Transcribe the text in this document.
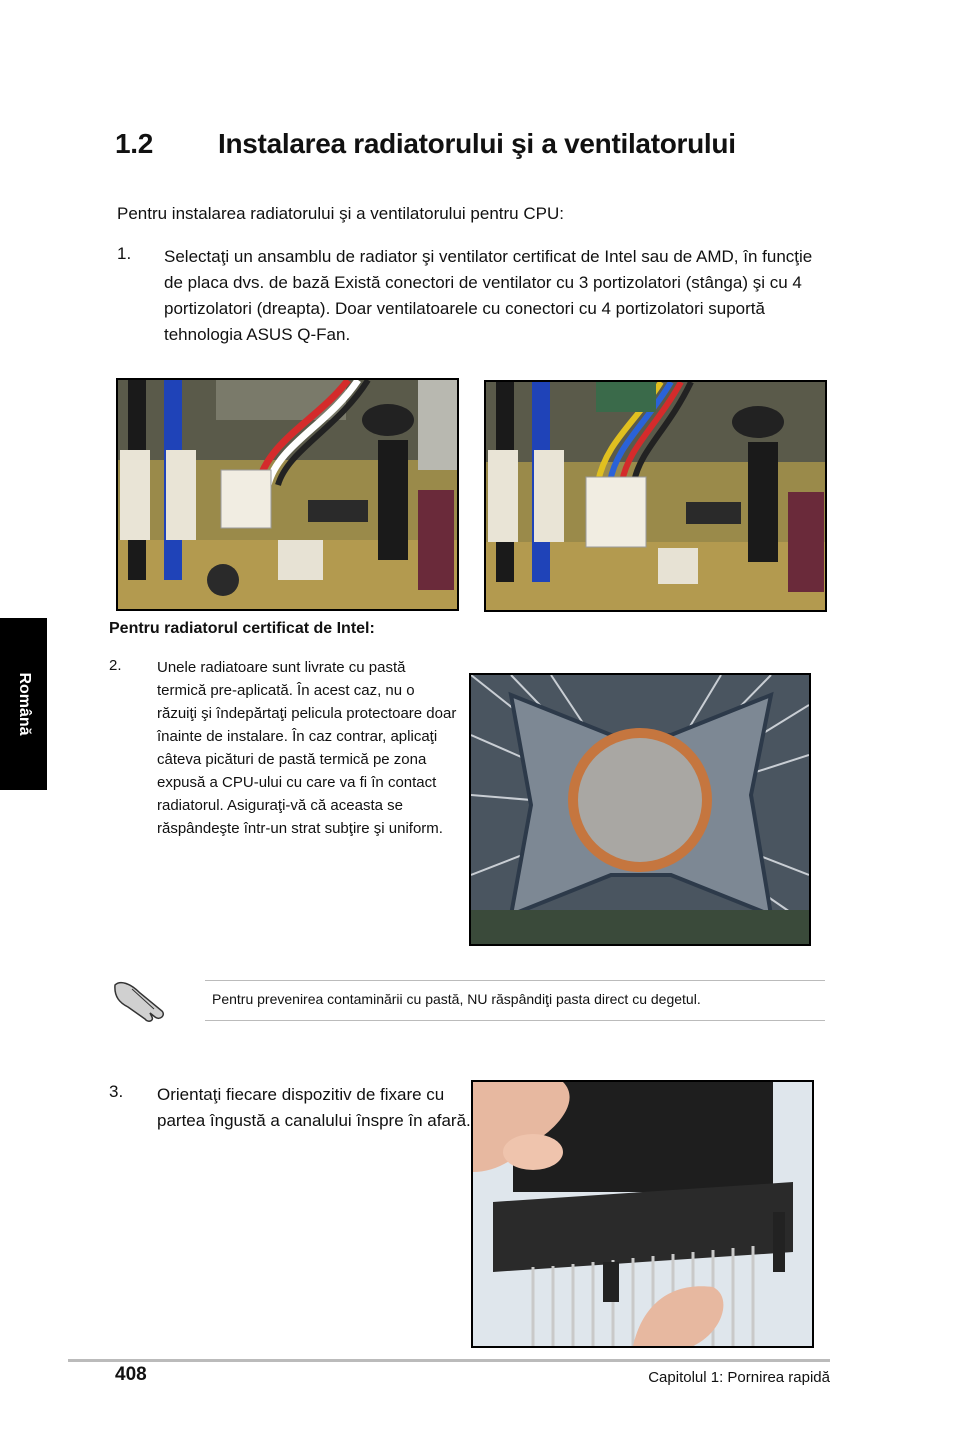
1.2 Instalarea radiatorului şi a ventilatorului
Pentru instalarea radiatorului şi a ventilatorului pentru CPU:
1. Selectaţi un ansamblu de radiator şi ventilator certificat de Intel sau de AMD, în funcţie de placa dvs. de bază Există conectori de ventilator cu 3 portizolatori (stânga) şi cu 4 portizolatori (dreapta). Doar ventilatoarele cu conectori cu 4 portizolatori suportă tehnologia ASUS Q-Fan.
Română
Pentru radiatorul certificat de Intel:
2. Unele radiatoare sunt livrate cu pastă termică pre-aplicată. În acest caz, nu o răzuiţi şi îndepărtaţi pelicula protectoare doar înainte de instalare. În caz contrar, aplicaţi câteva picături de pastă termică pe zona expusă a CPU-ului cu care va fi în contact radiatorul. Asiguraţi-vă că aceasta se răspândeşte într-un strat subţire şi uniform.
Pentru prevenirea contaminării cu pastă, NU răspândiţi pasta direct cu degetul.
3. Orientaţi fiecare dispozitiv de fixare cu partea îngustă a canalului înspre în afară.
408	Capitolul 1: Pornirea rapidă
